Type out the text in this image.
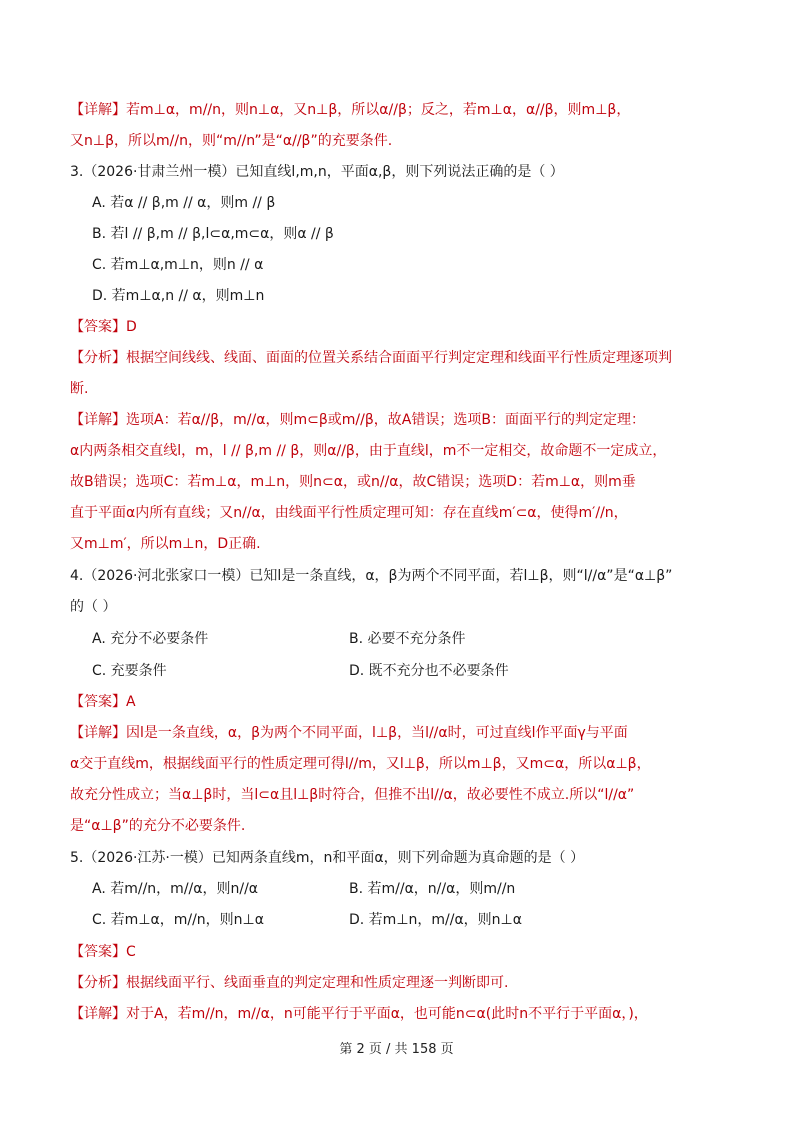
【详解】若m⊥α，m//n，则n⊥α，又n⊥β，所以α//β；反之，若m⊥α，α//β，则m⊥β，
又n⊥β，所以m//n，则“m//n”是“α//β”的充要条件.
3.（2026·甘肃兰州一模）已知直线l,m,n，平面α,β，则下列说法正确的是（ ）
A. 若α // β,m // α，则m // β
B. 若l // β,m // β,l⊂α,m⊂α，则α // β
C. 若m⊥α,m⊥n，则n // α
D. 若m⊥α,n // α，则m⊥n
【答案】D
【分析】根据空间线线、线面、面面的位置关系结合面面平行判定定理和线面平行性质定理逐项判
断.
【详解】选项A：若α//β，m//α，则m⊂β或m//β，故A错误；选项B：面面平行的判定定理：
α内两条相交直线l，m，l // β,m // β，则α//β，由于直线l，m不一定相交，故命题不一定成立，
故B错误；选项C：若m⊥α，m⊥n，则n⊂α，或n//α，故C错误；选项D：若m⊥α，则m垂
直于平面α内所有直线；又n//α，由线面平行性质定理可知：存在直线m′⊂α，使得m′//n，
又m⊥m′，所以m⊥n，D正确.
4.（2026·河北张家口一模）已知l是一条直线，α，β为两个不同平面，若l⊥β，则“l//α”是“α⊥β”
的（ ）
A. 充分不必要条件	B. 必要不充分条件
C. 充要条件	D. 既不充分也不必要条件
【答案】A
【详解】因l是一条直线，α，β为两个不同平面，l⊥β，当l//α时，可过直线l作平面γ与平面
α交于直线m，根据线面平行的性质定理可得l//m，又l⊥β，所以m⊥β，又m⊂α，所以α⊥β，
故充分性成立；当α⊥β时，当l⊂α且l⊥β时符合，但推不出l//α，故必要性不成立.所以“l//α”
是“α⊥β”的充分不必要条件.
5.（2026·江苏·一模）已知两条直线m，n和平面α，则下列命题为真命题的是（ ）
A. 若m//n，m//α，则n//α	B. 若m//α，n//α，则m//n
C. 若m⊥α，m//n，则n⊥α	D. 若m⊥n，m//α，则n⊥α
【答案】C
【分析】根据线面平行、线面垂直的判定定理和性质定理逐一判断即可.
【详解】对于A，若m//n，m//α，n可能平行于平面α，也可能n⊂α(此时n不平行于平面α，)，
第 2 页 / 共 158 页
